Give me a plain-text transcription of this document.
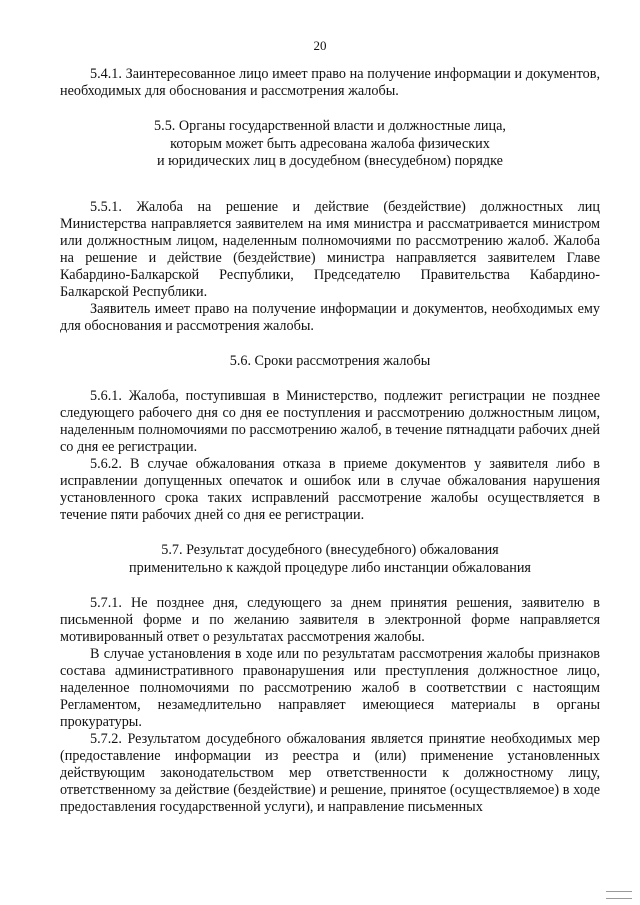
20

5.4.1. Заинтересованное лицо имеет право на получение информации и документов, необходимых для обоснования и рассмотрения жалобы.

5.5. Органы государственной власти и должностные лица,
которым может быть адресована жалоба физических
и юридических лиц в досудебном (внесудебном) порядке

5.5.1. Жалоба на решение и действие (бездействие) должностных лиц Министерства направляется заявителем на имя министра и рассматривается министром или должностным лицом, наделенным полномочиями по рассмотрению жалоб. Жалоба на решение и действие (бездействие) министра направляется заявителем Главе Кабардино-Балкарской Республики, Председателю Правительства Кабардино-Балкарской Республики.

Заявитель имеет право на получение информации и документов, необходимых ему для обоснования и рассмотрения жалобы.

5.6. Сроки рассмотрения жалобы

5.6.1. Жалоба, поступившая в Министерство, подлежит регистрации не позднее следующего рабочего дня со дня ее поступления и рассмотрению должностным лицом, наделенным полномочиями по рассмотрению жалоб, в течение пятнадцати рабочих дней со дня ее регистрации.

5.6.2. В случае обжалования отказа в приеме документов у заявителя либо в исправлении допущенных опечаток и ошибок или в случае обжалования нарушения установленного срока таких исправлений рассмотрение жалобы осуществляется в течение пяти рабочих дней со дня ее регистрации.

5.7. Результат досудебного (внесудебного) обжалования
применительно к каждой процедуре либо инстанции обжалования

5.7.1. Не позднее дня, следующего за днем принятия решения, заявителю в письменной форме и по желанию заявителя в электронной форме направляется мотивированный ответ о результатах рассмотрения жалобы.

В случае установления в ходе или по результатам рассмотрения жалобы признаков состава административного правонарушения или преступления должностное лицо, наделенное полномочиями по рассмотрению жалоб в соответствии с настоящим Регламентом, незамедлительно направляет имеющиеся материалы в органы прокуратуры.

5.7.2. Результатом досудебного обжалования является принятие необходимых мер (предоставление информации из реестра и (или) применение установленных действующим законодательством мер ответственности к должностному лицу, ответственному за действие (бездействие) и решение, принятое (осуществляемое) в ходе предоставления государственной услуги), и направление письменных
